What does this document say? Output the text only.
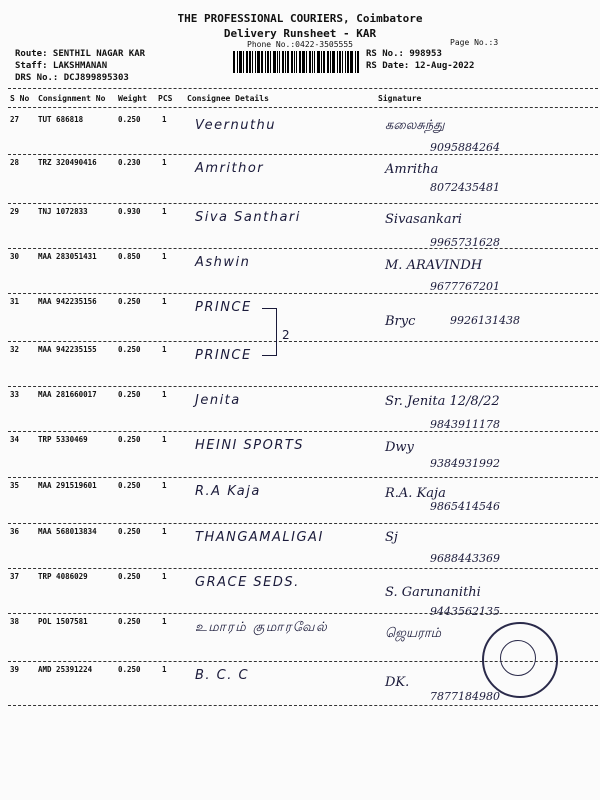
THE PROFESSIONAL COURIERS, Coimbatore
Delivery Runsheet - KAR
Phone No.:0422-3505555	Page No.:3
Route: SENTHIL NAGAR KAR
Staff: LAKSHMANAN
DRS No.: DCJ899895303
RS No.: 998953
RS Date: 12-Aug-2022
S No Consignment No Weight PCS Consignee Details	Signature
27	TUT 686818	0.250	1 Veernuthu	கலைசுந்து
9095884264
28	TRZ 320490416	0.230	1 Amrithor	Amritha
8072435481
29	TNJ 1072833	0.930	1 Siva Santhari	Sivasankari
9965731628
30	MAA 283051431	0.850	1 Ashwin	M. ARAVINDH
9677767201
31	MAA 942235156	0.250	1 PRINCE
Bryc	9926131438
32	MAA 942235155	0.250	1 PRINCE
33	MAA 281660017	0.250	1 Jenita	Sr. Jenita 12/8/22
9843911178
34	TRP 5330469	0.250	1 HEINI SPORTS	Dwy
9384931992
35	MAA 291519601	0.250	1 R.A Kaja	R.A. Kaja
9865414546
36	MAA 568013834	0.250	1 THANGAMALIGAI	Sj
9688443369
37	TRP 4086029	0.250	1 GRACE SEDS.
S. Garunanithi
9443562135
38	POL 1507581	0.250	1 உமாரம் குமாரவேல்	ஜெயராம்
39	AMD 25391224	0.250	1 B. C. C	DK.
7877184980
2
